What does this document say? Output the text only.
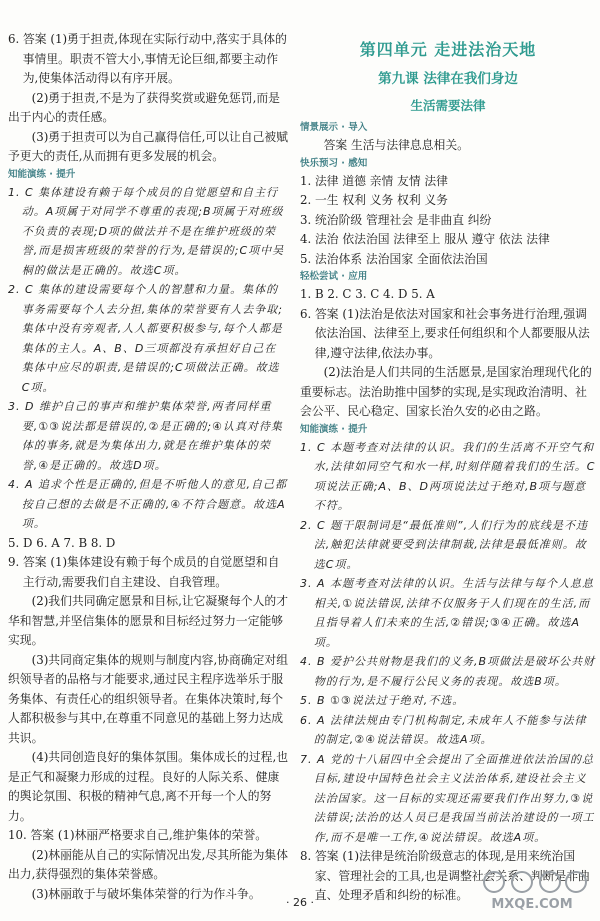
6. 答案 (1)勇于担责,体现在实际行动中,落实于具体的事情里。职责不管大小,事情无论巨细,都要主动作为,使集体活动得以有序开展。

(2)勇于担责,不是为了获得奖赏或避免惩罚,而是出于内心的责任感。

(3)勇于担责可以为自己赢得信任,可以让自己被赋予更大的责任,从而拥有更多发展的机会。

知能演练 · 提升

1. C 集体建设有赖于每个成员的自觉愿望和自主行动。A项属于对同学不尊重的表现;B项属于对班级不负责的表现;D项的做法并不是在维护班级的荣誉,而是损害班级的荣誉的行为,是错误的;C项中吴桐的做法是正确的。故选C项。

2. C 集体的建设需要每个人的智慧和力量。集体的事务需要每个人去分担,集体的荣誉要有人去争取;集体中没有旁观者,人人都要积极参与,每个人都是集体的主人。A、B、D三项都没有承担好自己在集体中应尽的职责,是错误的;C项做法正确。故选C项。

3. D 维护自己的事声和维护集体荣誉,两者同样重要,①③说法都是错误的,②是正确的;④认真对待集体的事务,就是为集体出力,就是在维护集体的荣誉,④是正确的。故选D项。

4. A 追求个性是正确的,但是不听他人的意见,自己都按自己想的去做是不正确的,④不符合题意。故选A项。

5. D 6. A 7. B 8. D

9. 答案 (1)集体建设有赖于每个成员的自觉愿望和自主行动,需要我们自主建设、自我管理。

(2)我们共同确定愿景和目标,让它凝聚每个人的才华和智慧,并坚信集体的愿景和目标经过努力一定能够实现。

(3)共同商定集体的规则与制度内容,协商确定对组织领导者的品格与才能要求,通过民主程序选举乐于服务集体、有责任心的组织领导者。在集体决策时,每个人都积极参与其中,在尊重不同意见的基础上努力达成共识。

(4)共同创造良好的集体氛围。集体成长的过程,也是正气和凝聚力形成的过程。良好的人际关系、健康的舆论氛围、积极的精神气息,离不开每一个人的努力。

10. 答案 (1)林丽严格要求自己,维护集体的荣誉。

(2)林丽能从自己的实际情况出发,尽其所能为集体出力,获得强烈的集体荣誉感。

(3)林丽敢于与破坏集体荣誉的行为作斗争。

第四单元 走进法治天地
第九课 法律在我们身边
生活需要法律

情景展示 · 导入

答案 生活与法律息息相关。

快乐预习 · 感知

1. 法律 道德 亲情 友情 法律

2. 一生 权利 义务 权利 义务

3. 统治阶级 管理社会 是非曲直 纠纷

4. 法治 依法治国 法律至上 服从 遵守 依法 法律

5. 法治体系 法治国家 全面依法治国

轻松尝试 · 应用

1. B 2. C 3. C 4. D 5. A

6. 答案 (1)法治是依法对国家和社会事务进行治理,强调依法治国、法律至上,要求任何组织和个人都要服从法律,遵守法律,依法办事。

(2)法治是人们共同的生活愿景,是国家治理现代化的重要标志。法治助推中国梦的实现,是实现政治清明、社会公平、民心稳定、国家长治久安的必由之路。

知能演练 · 提升

1. C 本题考查对法律的认识。我们的生活离不开空气和水,法律如同空气和水一样,时刻伴随着我们的生活。C项说法正确;A、B、D两项说法过于绝对,B项与题意不符。

2. C 题干限制词是“最低准则”,人们行为的底线是不违法,触犯法律就要受到法律制裁,法律是最低准则。故选C项。

3. A 本题考查对法律的认识。生活与法律与每个人息息相关,①说法错误,法律不仅服务于人们现在的生活,而且指导着人们未来的生活,②错误;③④正确。故选A项。

4. B 爱护公共财物是我们的义务,B项做法是破坏公共财物的行为,是不履行公民义务的表现。故选B项。

5. B ①③说法过于绝对,不选。

6. A 法律法规由专门机构制定,未成年人不能参与法律的制定,②④说法错误。故选A项。

7. A 党的十八届四中全会提出了全面推进依法治国的总目标,建设中国特色社会主义法治体系,建设社会主义法治国家。这一目标的实现还需要我们作出努力,③说法错误;法治的达人员已是我国当前法治建设的一项工作,而不是唯一工作,④说法错误。故选A项。

8. 答案 (1)法律是统治阶级意志的体现,是用来统治国家、管理社会的工具,也是调整社会关系、判断是非曲直、处理矛盾和纠纷的标准。

· 26 ·	MXQE.COM
